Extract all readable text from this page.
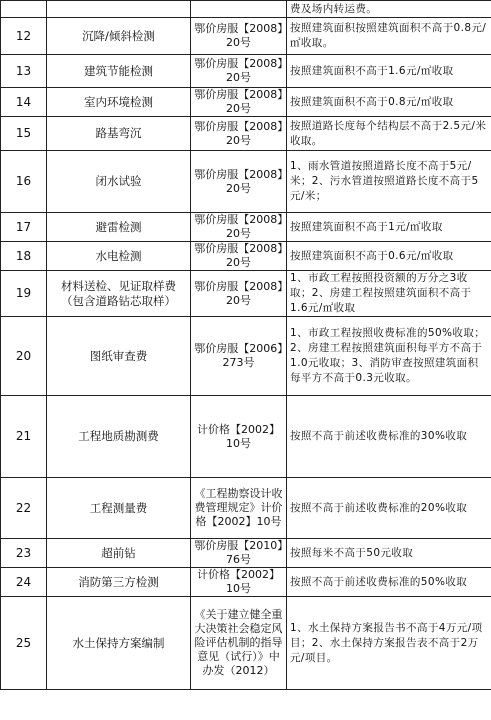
			费及场内转运费。
12	沉降/倾斜检测	鄂价房服【2008】20号	按照建筑面积按照建筑面积不高于0.8元/㎡收取。
13	建筑节能检测	鄂价房服【2008】20号	按照建筑面积不高于1.6元/㎡收取
14	室内环境检测	鄂价房服【2008】20号	按照建筑面积不高于0.8元/㎡收取
15	路基弯沉	鄂价房服【2008】20号	按照道路长度每个结构层不高于2.5元/米收取。
16	闭水试验	鄂价房服【2008】20号	1、雨水管道按照道路长度不高于5元/米；2、污水管道按照道路长度不高于5元/米；
17	避雷检测	鄂价房服【2008】20号	按照建筑面积不高于1元/㎡收取
18	水电检测	鄂价房服【2008】20号	按照建筑面积不高于0.6元/㎡收取
19	材料送检、见证取样费（包含道路钻芯取样）	鄂价房服【2008】20号	1、市政工程按照投资额的万分之3收取；2、房建工程按照建筑面积不高于1.6元/㎡收取
20	图纸审查费	鄂价房服【2006】273号	1、市政工程按照收费标准的50%收取；2、房建工程按照建筑面积每平方不高于1.0元收取；3、消防审查按照建筑面积每平方不高于0.3元收取。
21	工程地质勘测费	计价格【2002】10号	按照不高于前述收费标准的30%收取
22	工程测量费	《工程勘察设计收费管理规定》计价格【2002】10号	按照不高于前述收费标准的20%收取
23	超前钻	鄂价房服【2010】76号	按照每米不高于50元收取
24	消防第三方检测	计价格【2002】10号	按照不高于前述收费标准的50%收取
25	水土保持方案编制	《关于建立健全重大决策社会稳定风险评估机制的指导意见（试行）》中办发（2012）	1、水土保持方案报告书不高于4万元/项目；2、水土保持方案报告表不高于2万元/项目。
